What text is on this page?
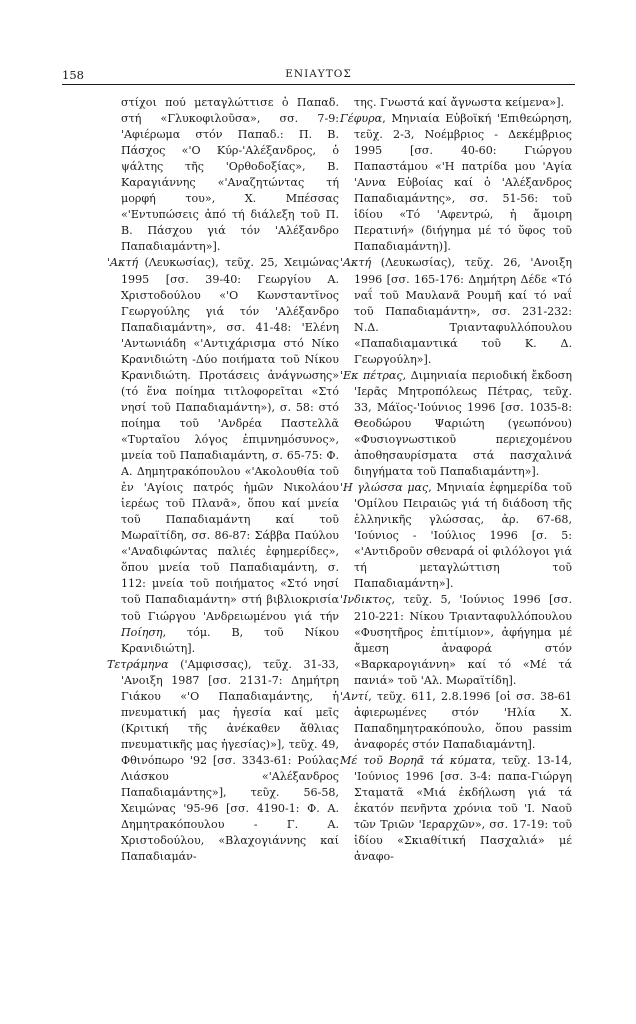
158	ΕΝΙΑΥΤΟΣ

στίχοι πού μεταγλώττισε ὁ Παπαδ. στή «Γλυκοφιλοῦσα», σσ. 7-9: 'Αφιέρωμα στόν Παπαδ.: Π. Β. Πάσχος «'Ο Κύρ-'Αλέξανδρος, ὁ ψάλτης τῆς 'Ορθοδοξίας», Β. Καραγιάννης «'Αναζητώντας τή μορφή του», Χ. Μπέσσας «'Εντυπώσεις ἀπό τή διάλεξη τοῦ Π. Β. Πάσχου γιά τόν 'Αλέξανδρο Παπαδιαμάντη»].

'Ακτή (Λευκωσίας), τεῦχ. 25, Χειμώνας 1995 [σσ. 39-40: Γεωργίου Α. Χριστοδούλου «'Ο Κωνσταντῖνος Γεωργούλης γιά τόν 'Αλέξανδρο Παπαδιαμάντη», σσ. 41-48: 'Ελένη 'Αντωνιάδη «'Αντιχάρισμα στό Νίκο Κρανιδιώτη -Δύο ποιήματα τοῦ Νίκου Κρανιδιώτη. Προτάσεις ἀνάγνωσης» (τό ἕνα ποίημα τιτλοφορεῖται «Στό νησί τοῦ Παπαδιαμάντη»), σ. 58: στό ποίημα τοῦ 'Ανδρέα Παστελλᾶ «Τυρταῖου λόγος ἐπιμνημόσυνος», μνεία τοῦ Παπαδιαμάντη, σ. 65-75: Φ. Α. Δημητρακόπουλου «'Ακολουθία τοῦ ἐν 'Αγίοις πατρός ἡμῶν Νικολάου ἱερέως τοῦ Πλανᾶ», ὅπου καί μνεία τοῦ Παπαδιαμάντη καί τοῦ Μωραϊτίδη, σσ. 86-87: Σάββα Παύλου «'Αναδιφώντας παλιές ἐφημερίδες», ὅπου μνεία τοῦ Παπαδιαμάντη, σ. 112: μνεία τοῦ ποιήματος «Στό νησί τοῦ Παπαδιαμάντη» στή βιβλιοκρισία τοῦ Γιώργου 'Ανδρειωμένου γιά τήν Ποίηση, τόμ. Β, τοῦ Νίκου Κρανιδιώτη].

Τετράμηνα ('Αμφισσας), τεῦχ. 31-33, 'Ανοιξη 1987 [σσ. 2131-7: Δημήτρη Γιάκου «'Ο Παπαδιαμάντης, ἡ πνευματική μας ἡγεσία καί μεῖς (Κριτική τῆς ἀνέκαθεν ἄθλιας πνευματικῆς μας ἡγεσίας)»], τεῦχ. 49, Φθινόπωρο '92 [σσ. 3343-61: Ρούλας Λιάσκου «'Αλέξανδρος Παπαδιαμάντης»], τεῦχ. 56-58, Χειμώνας '95-96 [σσ. 4190-1: Φ. Α. Δημητρακόπουλου - Γ. Α. Χριστοδούλου, «Βλαχογιάννης καί Παπαδιαμάν-

της. Γνωστά καί ἄγνωστα κείμενα»].

Γέφυρα, Μηνιαία Εὐβοϊκή 'Επιθεώρηση, τεῦχ. 2-3, Νοέμβριος - Δεκέμβριος 1995 [σσ. 40-60: Γιώργου Παπαστάμου «'Η πατρίδα μου 'Αγία 'Αννα Εὐβοίας καί ὁ 'Αλέξανδρος Παπαδιαμάντης», σσ. 51-56: τοῦ ἰδίου «Τό 'Αφεντρώ, ἡ ἄμοιρη Περατινή» (διήγημα μέ τό ὕφος τοῦ Παπαδιαμάντη)].

'Ακτή (Λευκωσίας), τεῦχ. 26, 'Ανοιξη 1996 [σσ. 165-176: Δημήτρη Δέδε «Τό ναΐ τοῦ Μαυλανᾶ Ρουμῆ καί τό ναΐ τοῦ Παπαδιαμάντη», σσ. 231-232: Ν.Δ. Τριανταφυλλόπουλου «Παπαδιαμαντικά τοῦ Κ. Δ. Γεωργούλη»].

'Εκ πέτρας, Διμηνιαία περιοδική ἔκδοση 'Ιερᾶς Μητροπόλεως Πέτρας, τεῦχ. 33, Μάϊος-'Ιούνιος 1996 [σσ. 1035-8: Θεοδώρου Ψαριώτη (γεωπόνου) «Φυσιογνωστικοῦ περιεχομένου ἀποθησαυρίσματα στά πασχαλινά διηγήματα τοῦ Παπαδιαμάντη»].

'Η γλώσσα μας, Μηνιαία ἐφημερίδα τοῦ 'Ομίλου Πειραιῶς γιά τή διάδοση τῆς ἑλληνικῆς γλώσσας, ἀρ. 67-68, 'Ιούνιος - 'Ιούλιος 1996 [σ. 5: «'Αντιδροῦν σθεναρά οἱ φιλόλογοι γιά τή μεταγλώττιση τοῦ Παπαδιαμάντη»].

'Ινδικτος, τεῦχ. 5, 'Ιούνιος 1996 [σσ. 210-221: Νίκου Τριανταφυλλόπουλου «Φυσητῆρος ἐπιτίμιον», ἀφήγημα μέ ἄμεση ἀναφορά στόν «Βαρκαρογιάννη» καί τό «Μέ τά πανιά» τοῦ 'Αλ. Μωραϊτίδη].

'Αντί, τεῦχ. 611, 2.8.1996 [οἱ σσ. 38-61 ἀφιερωμένες στόν 'Ηλία Χ. Παπαδημητρακόπουλο, ὅπου passim ἀναφορές στόν Παπαδιαμάντη].

Μέ τοῦ Βορηᾶ τά κύματα, τεῦχ. 13-14, 'Ιούνιος 1996 [σσ. 3-4: παπα-Γιώργη Σταματᾶ «Μιά ἐκδήλωση γιά τά ἑκατόν πενῆντα χρόνια τοῦ 'Ι. Ναοῦ τῶν Τριῶν 'Ιεραρχῶν», σσ. 17-19: τοῦ ἰδίου «Σκιαθίτική Πασχαλιά» μέ ἀναφο-
